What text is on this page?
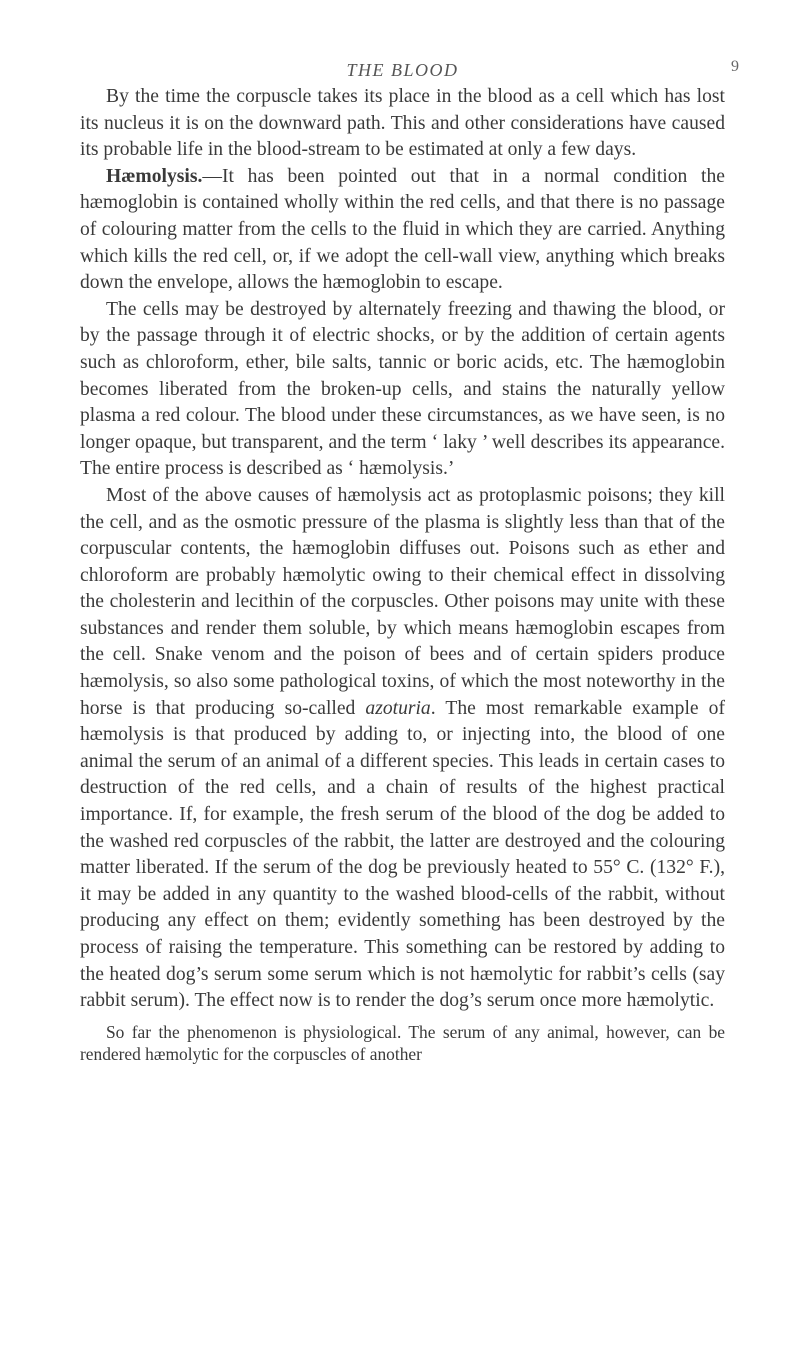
THE BLOOD	9

By the time the corpuscle takes its place in the blood as a cell which has lost its nucleus it is on the downward path. This and other considerations have caused its probable life in the blood-stream to be estimated at only a few days.

Hæmolysis.—It has been pointed out that in a normal condition the hæmoglobin is contained wholly within the red cells, and that there is no passage of colouring matter from the cells to the fluid in which they are carried. Anything which kills the red cell, or, if we adopt the cell-wall view, anything which breaks down the envelope, allows the hæmoglobin to escape.

The cells may be destroyed by alternately freezing and thawing the blood, or by the passage through it of electric shocks, or by the addition of certain agents such as chloroform, ether, bile salts, tannic or boric acids, etc. The hæmoglobin becomes liberated from the broken-up cells, and stains the naturally yellow plasma a red colour. The blood under these circumstances, as we have seen, is no longer opaque, but transparent, and the term ‘ laky ’ well describes its appearance. The entire process is described as ‘ hæmolysis.’

Most of the above causes of hæmolysis act as protoplasmic poisons; they kill the cell, and as the osmotic pressure of the plasma is slightly less than that of the corpuscular contents, the hæmoglobin diffuses out. Poisons such as ether and chloroform are probably hæmolytic owing to their chemical effect in dissolving the cholesterin and lecithin of the corpuscles. Other poisons may unite with these substances and render them soluble, by which means hæmoglobin escapes from the cell. Snake venom and the poison of bees and of certain spiders produce hæmolysis, so also some pathological toxins, of which the most noteworthy in the horse is that producing so-called azoturia. The most remarkable example of hæmolysis is that produced by adding to, or injecting into, the blood of one animal the serum of an animal of a different species. This leads in certain cases to destruction of the red cells, and a chain of results of the highest practical importance. If, for example, the fresh serum of the blood of the dog be added to the washed red corpuscles of the rabbit, the latter are destroyed and the colouring matter liberated. If the serum of the dog be previously heated to 55° C. (132° F.), it may be added in any quantity to the washed blood-cells of the rabbit, without producing any effect on them; evidently something has been destroyed by the process of raising the temperature. This something can be restored by adding to the heated dog’s serum some serum which is not hæmolytic for rabbit’s cells (say rabbit serum). The effect now is to render the dog’s serum once more hæmolytic.

So far the phenomenon is physiological. The serum of any animal, however, can be rendered hæmolytic for the corpuscles of another
